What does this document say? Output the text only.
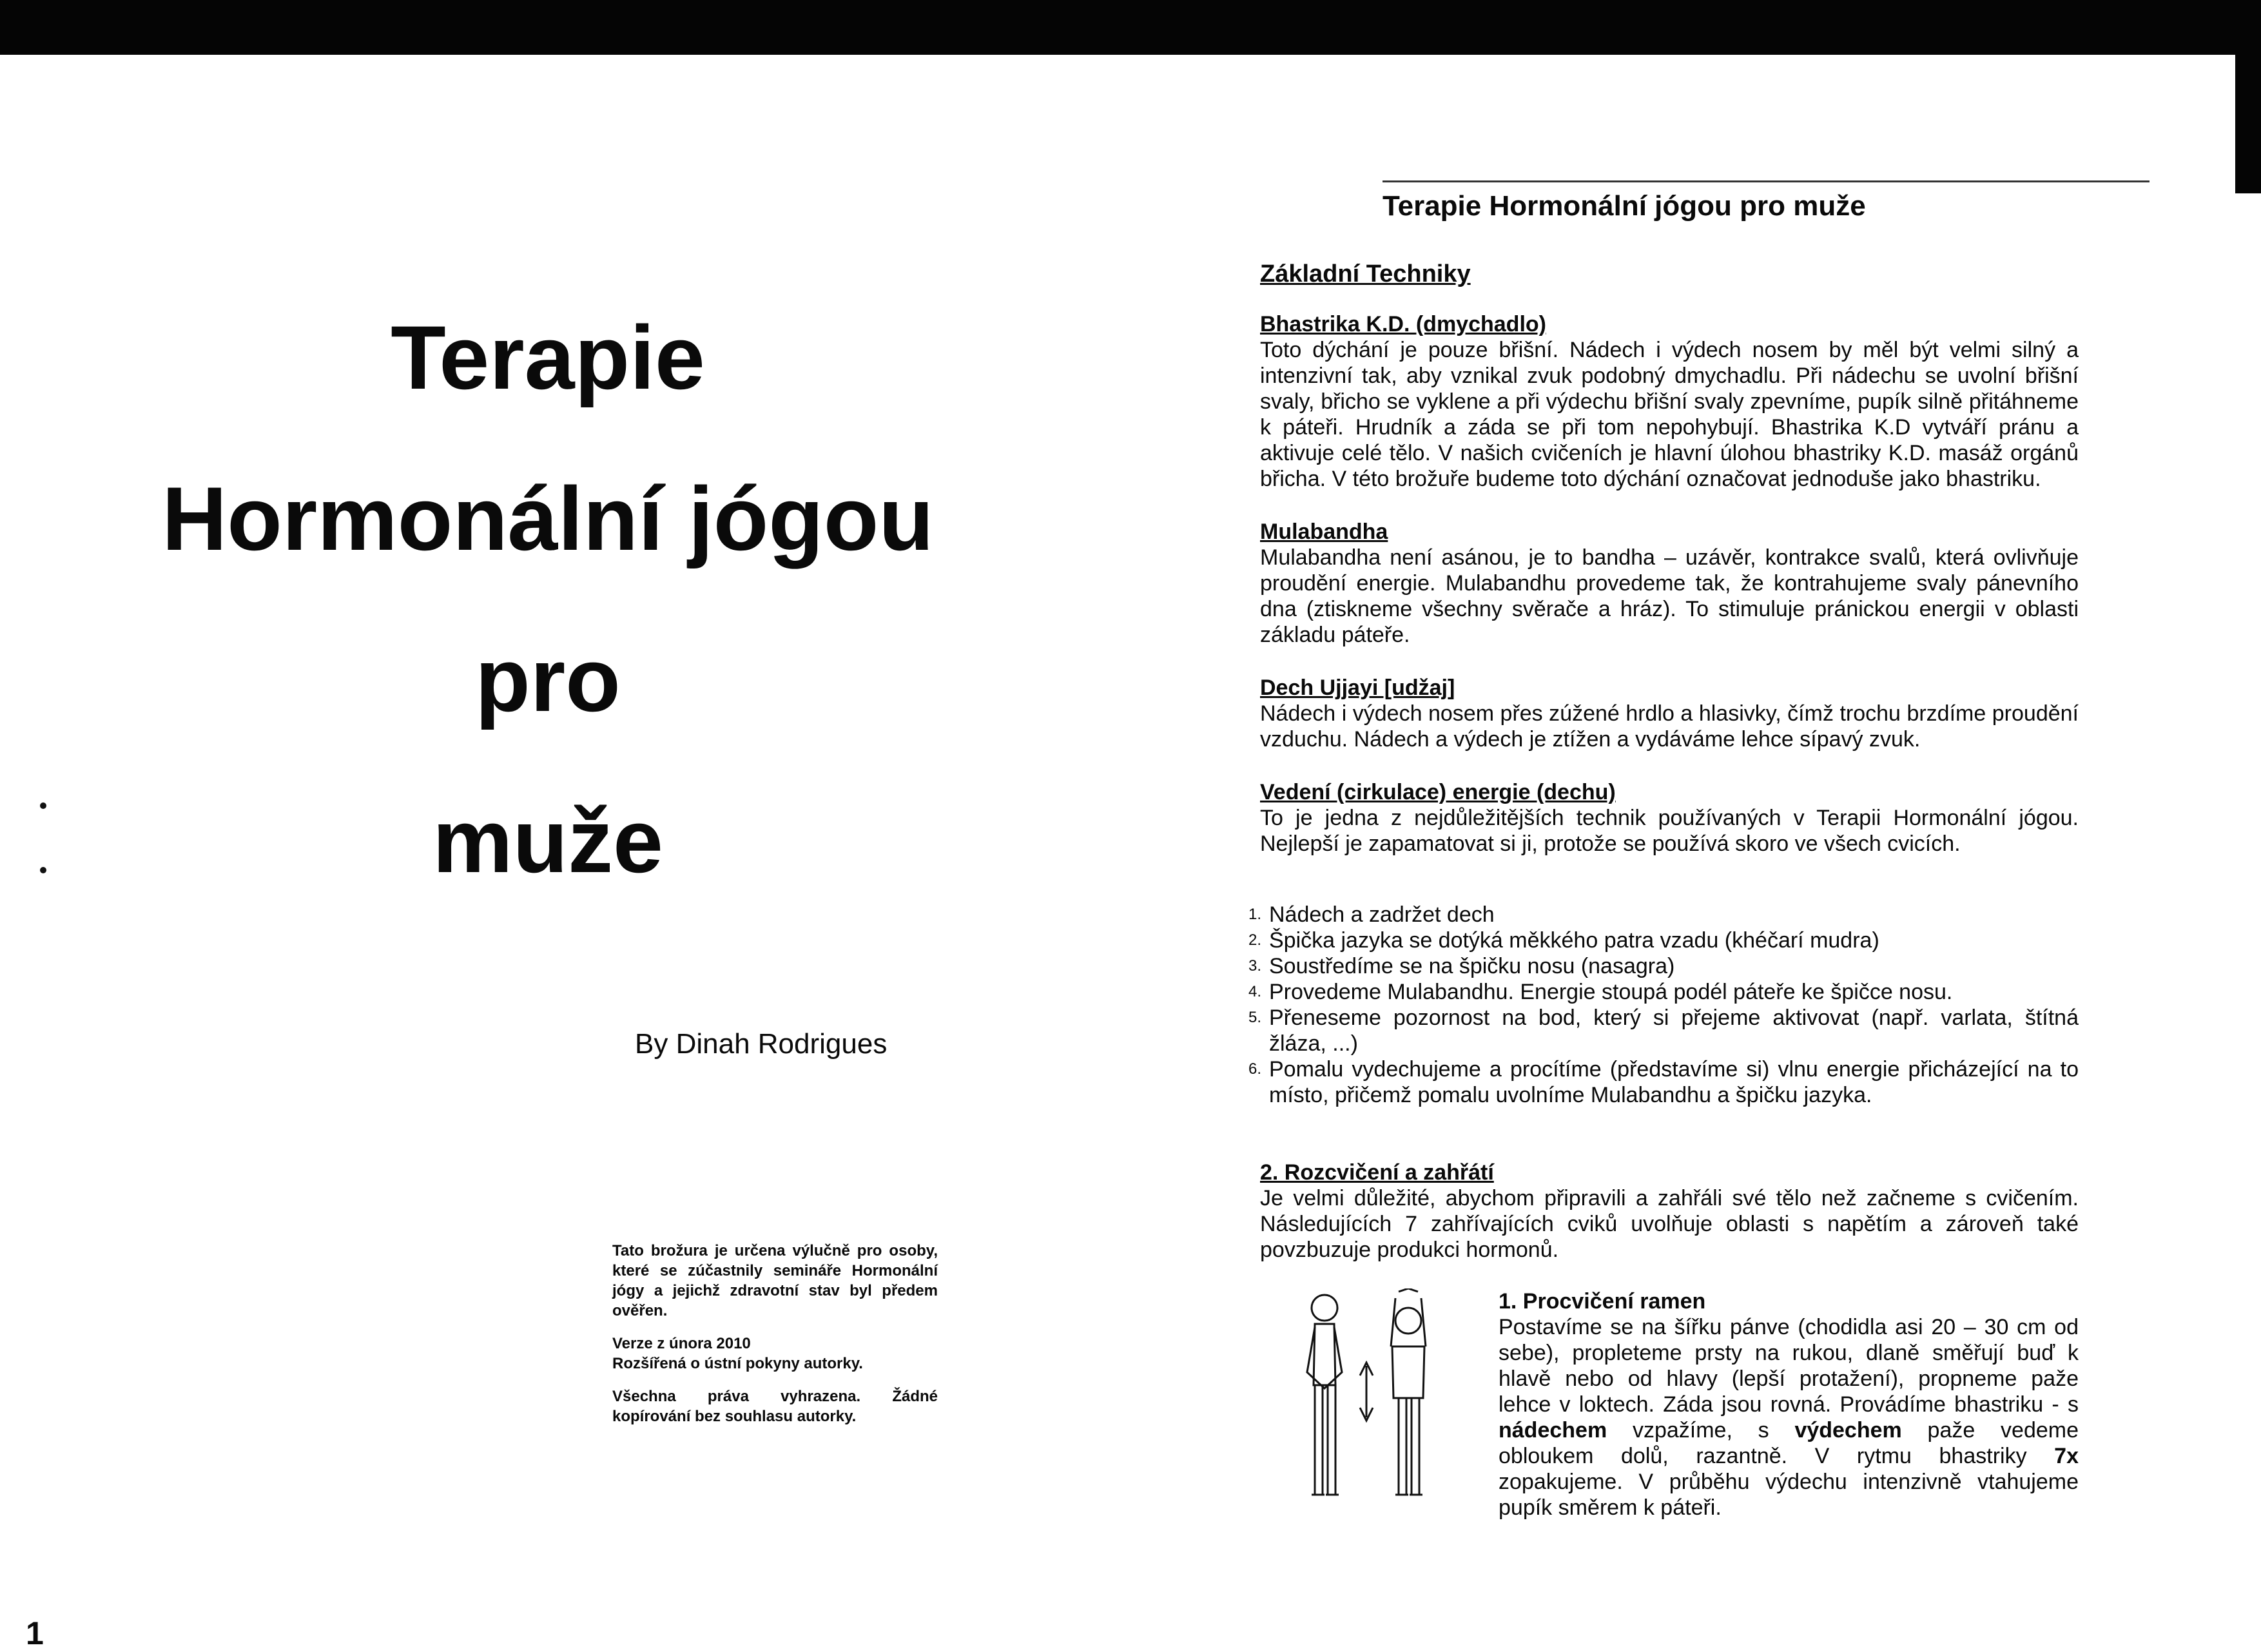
Terapie
Hormonální jógou
pro
muže
By Dinah Rodrigues

Tato brožura je určena výlučně pro osoby, které se zúčastnily semináře Hormonální jógy a jejichž zdravotní stav byl předem ověřen.

Verze z února 2010
Rozšířená o ústní pokyny autorky.

Všechna práva vyhrazena. Žádné kopírování bez souhlasu autorky.

1
Terapie Hormonální jógou pro muže
Základní Techniky
Bhastrika K.D. (dmychadlo)

Toto dýchání je pouze břišní. Nádech i výdech nosem by měl být velmi silný a intenzivní tak, aby vznikal zvuk podobný dmychadlu. Při nádechu se uvolní břišní svaly, břicho se vyklene a při výdechu břišní svaly zpevníme, pupík silně přitáhneme k páteři. Hrudník a záda se při tom nepohybují. Bhastrika K.D vytváří pránu a aktivuje celé tělo. V našich cvičeních je hlavní úlohou bhastriky K.D. masáž orgánů břicha. V této brožuře budeme toto dýchání označovat jednoduše jako bhastriku.

Mulabandha

Mulabandha není asánou, je to bandha – uzávěr, kontrakce svalů, která ovlivňuje proudění energie. Mulabandhu provedeme tak, že kontrahujeme svaly pánevního dna (ztiskneme všechny svěrače a hráz). To stimuluje pránickou energii v oblasti základu páteře.

Dech Ujjayi [udžaj]

Nádech i výdech nosem přes zúžené hrdlo a hlasivky, čímž trochu brzdíme proudění vzduchu. Nádech a výdech je ztížen a vydáváme lehce sípavý zvuk.

Vedení (cirkulace) energie (dechu)

To je jedna z nejdůležitějších technik používaných v Terapii Hormonální jógou. Nejlepší je zapamatovat si ji, protože se používá skoro ve všech cvicích.

1. Nádech a zadržet dech
2. Špička jazyka se dotýká měkkého patra vzadu (khéčarí mudra)
3. Soustředíme se na špičku nosu (nasagra)
4. Provedeme Mulabandhu. Energie stoupá podél páteře ke špičce nosu.
5. Přeneseme pozornost na bod, který si přejeme aktivovat (např. varlata, štítná žláza, ...)
6. Pomalu vydechujeme a procítíme (představíme si) vlnu energie přicházející na to místo, přičemž pomalu uvolníme Mulabandhu a špičku jazyka.
2. Rozcvičení a zahřátí

Je velmi důležité, abychom připravili a zahřáli své tělo než začneme s cvičením. Následujících 7 zahřívajících cviků uvolňuje oblasti s napětím a zároveň také povzbuzuje produkci hormonů.

1. Procvičení ramen

Postavíme se na šířku pánve (chodidla asi 20 – 30 cm od sebe), propleteme prsty na rukou, dlaně směřují buď k hlavě nebo od hlavy (lepší protažení), propneme paže lehce v loktech. Záda jsou rovná. Provádíme bhastriku - s nádechem vzpažíme, s výdechem paže vedeme obloukem dolů, razantně. V rytmu bhastriky 7x zopakujeme. V průběhu výdechu intenzivně vtahujeme pupík směrem k páteři.
